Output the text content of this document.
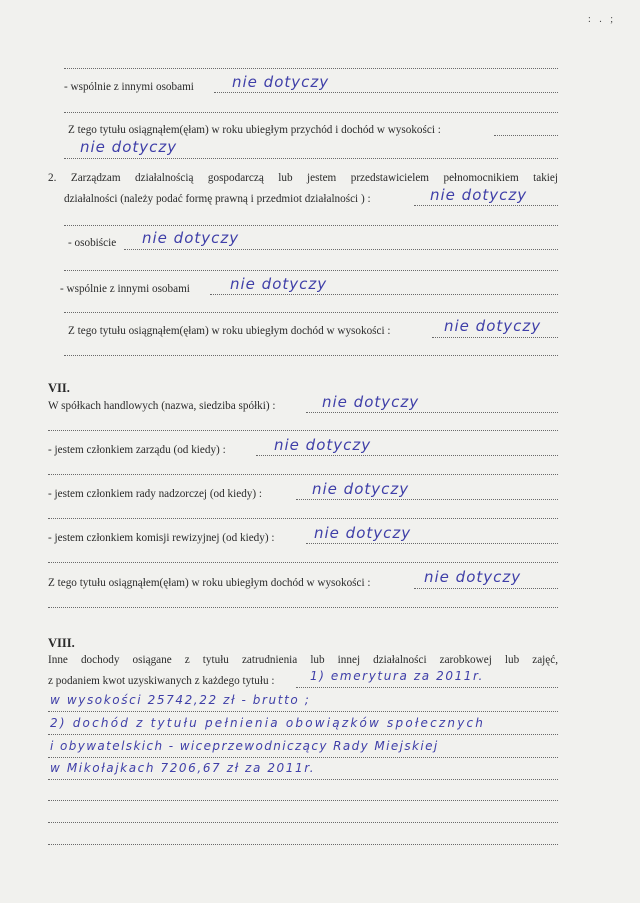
: . ;
- wspólnie z innymi osobami	nie dotyczy
Z tego tytułu osiągnąłem(ęłam) w roku ubiegłym przychód i dochód w wysokości :
nie dotyczy
2. Zarządzam działalnością gospodarczą lub jestem przedstawicielem pełnomocnikiem takiej
działalności (należy podać formę prawną i przedmiot działalności ) :	nie dotyczy
- osobiście nie dotyczy
- wspólnie z innymi osobami	nie dotyczy
Z tego tytułu osiągnąłem(ęłam) w roku ubiegłym dochód w wysokości :	nie dotyczy
VII.
W spółkach handlowych (nazwa, siedziba spółki) :	nie dotyczy
- jestem członkiem zarządu (od kiedy) :	nie dotyczy
- jestem członkiem rady nadzorczej (od kiedy) :	nie dotyczy
- jestem członkiem komisji rewizyjnej (od kiedy) :	nie dotyczy
Z tego tytułu osiągnąłem(ęłam) w roku ubiegłym dochód w wysokości :	nie dotyczy
VIII.
Inne dochody osiągane z tytułu zatrudnienia lub innej działalności zarobkowej lub zajęć,
z podaniem kwot uzyskiwanych z każdego tytułu :	1) emerytura za 2011r.
w wysokości 25742,22 zł - brutto ;
2) dochód z tytułu pełnienia obowiązków społecznych
i obywatelskich - wiceprzewodniczący Rady Miejskiej
w Mikołajkach 7206,67 zł za 2011r.
